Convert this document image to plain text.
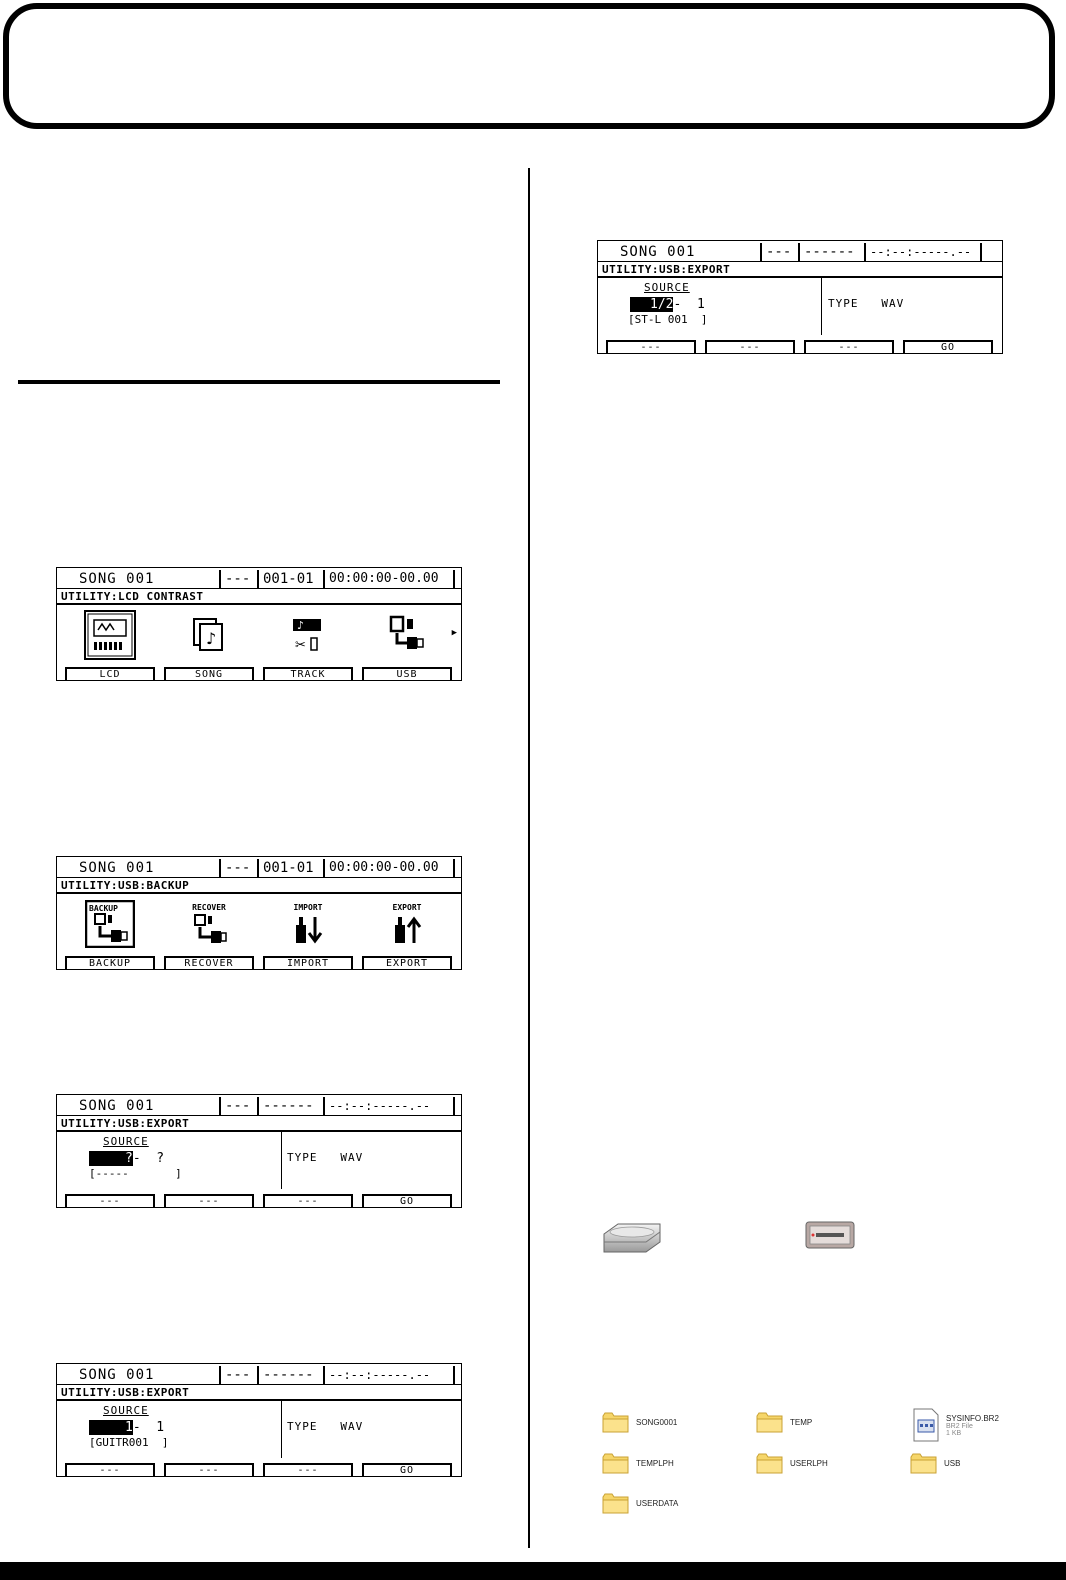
SONG 001	--- 001-01	00:00:00-00.00
UTILITY:LCD CONTRAST
♪
♪
✂
▶
LCD	SONG	TRACK	USB
SONG 001	--- 001-01	00:00:00-00.00
UTILITY:USB:BACKUP
BACKUP	RECOVER	IMPORT	EXPORT
BACKUP	RECOVER	IMPORT	EXPORT
SONG 001	--- ------	--:--:-----.--
UTILITY:USB:EXPORT
SOURCE
?-  ?
[-----       ]
TYPE   WAV
---	---	---	GO
SONG 001	--- ------	--:--:-----.--
UTILITY:USB:EXPORT
SOURCE
1-  1
[GUITR001  ]
TYPE   WAV
---	---	---	GO
SONG 001	--- ------	--:--:-----.--
UTILITY:USB:EXPORT
SOURCE
1/2-  1
[ST-L 001  ]
TYPE   WAV
---	---	---	GO
SONG0001	TEMP	SYSINFO.BR2
BR2 File
1 KB
TEMPLPH	USERLPH	USB
USERDATA
